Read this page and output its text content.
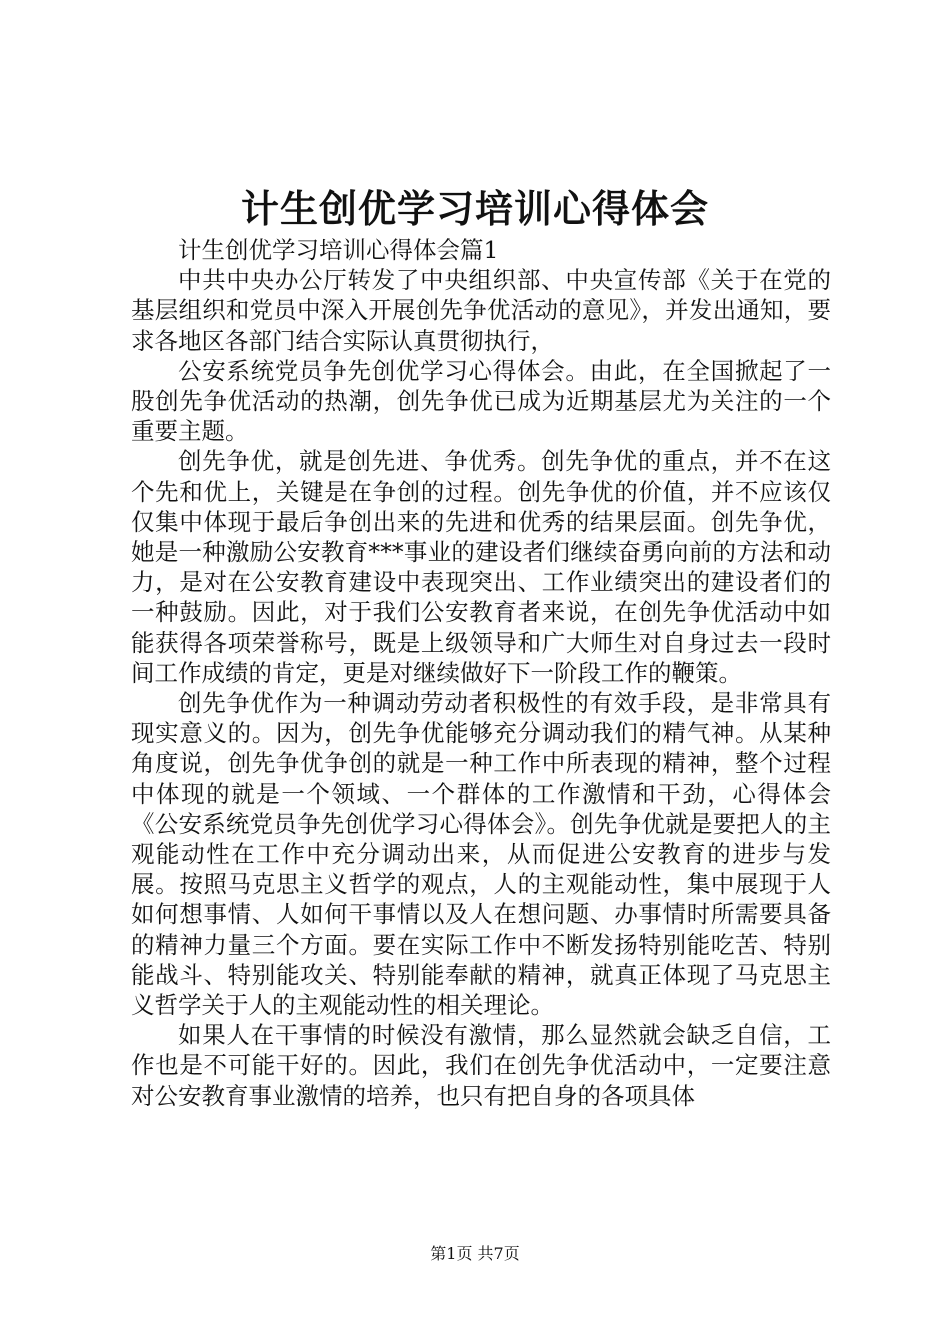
计生创优学习培训心得体会

计生创优学习培训心得体会篇1

中共中央办公厅转发了中央组织部、中央宣传部《关于在党的基层组织和党员中深入开展创先争优活动的意见》，并发出通知，要求各地区各部门结合实际认真贯彻执行，

公安系统党员争先创优学习心得体会。由此，在全国掀起了一股创先争优活动的热潮，创先争优已成为近期基层尤为关注的一个重要主题。

创先争优，就是创先进、争优秀。创先争优的重点，并不在这个先和优上，关键是在争创的过程。创先争优的价值，并不应该仅仅集中体现于最后争创出来的先进和优秀的结果层面。创先争优，她是一种激励公安教育***事业的建设者们继续奋勇向前的方法和动力，是对在公安教育建设中表现突出、工作业绩突出的建设者们的一种鼓励。因此，对于我们公安教育者来说，在创先争优活动中如能获得各项荣誉称号，既是上级领导和广大师生对自身过去一段时间工作成绩的肯定，更是对继续做好下一阶段工作的鞭策。

创先争优作为一种调动劳动者积极性的有效手段，是非常具有现实意义的。因为，创先争优能够充分调动我们的精气神。从某种角度说，创先争优争创的就是一种工作中所表现的精神，整个过程中体现的就是一个领域、一个群体的工作激情和干劲，心得体会《公安系统党员争先创优学习心得体会》。创先争优就是要把人的主观能动性在工作中充分调动出来，从而促进公安教育的进步与发展。按照马克思主义哲学的观点，人的主观能动性，集中展现于人如何想事情、人如何干事情以及人在想问题、办事情时所需要具备的精神力量三个方面。要在实际工作中不断发扬特别能吃苦、特别能战斗、特别能攻关、特别能奉献的精神，就真正体现了马克思主义哲学关于人的主观能动性的相关理论。

如果人在干事情的时候没有激情，那么显然就会缺乏自信，工作也是不可能干好的。因此，我们在创先争优活动中，一定要注意对公安教育事业激情的培养，也只有把自身的各项具体

第1页 共7页
